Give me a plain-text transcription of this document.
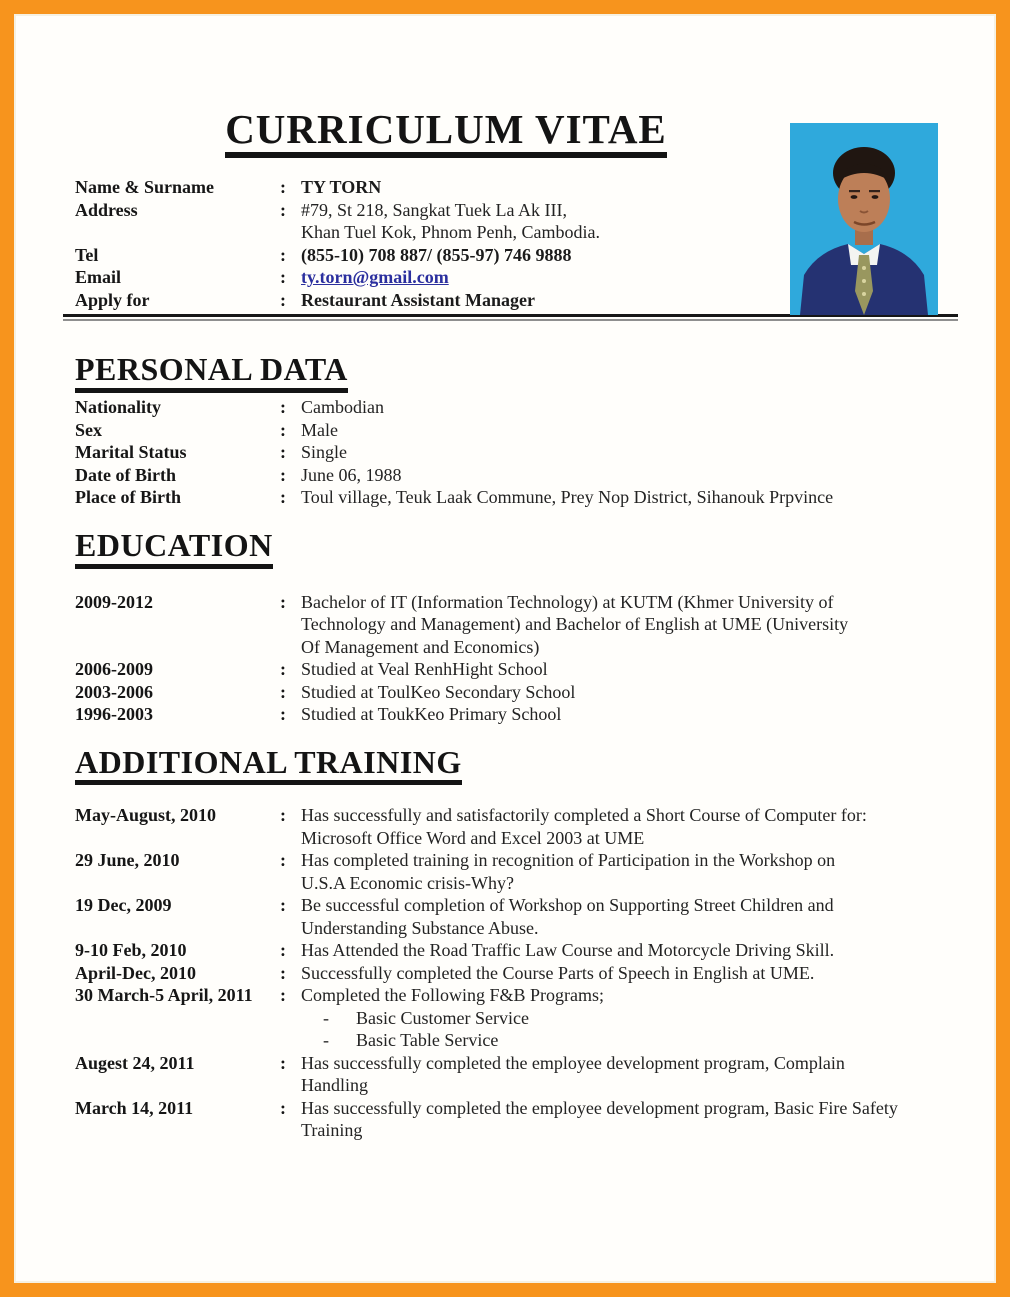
CURRICULUM VITAE
Name & Surname	: TY TORN
Address	: #79, St 218, Sangkat Tuek La Ak III,
Khan Tuel Kok, Phnom Penh, Cambodia.
Tel	: (855-10) 708 887/ (855-97) 746 9888
Email	: ty.torn@gmail.com
Apply for	: Restaurant Assistant Manager
PERSONAL DATA
Nationality	: Cambodian
Sex	: Male
Marital Status	: Single
Date of Birth	: June 06, 1988
Place of Birth	: Toul village, Teuk Laak Commune, Prey Nop District, Sihanouk Prpvince
EDUCATION
2009-2012	: Bachelor of IT (Information Technology) at KUTM (Khmer University of
Technology and Management) and Bachelor of English at UME (University
Of Management and Economics)
2006-2009	: Studied at Veal RenhHight School
2003-2006	: Studied at ToulKeo Secondary School
1996-2003	: Studied at ToukKeo Primary School
ADDITIONAL TRAINING
May-August, 2010	: Has successfully and satisfactorily completed a Short Course of Computer for:
Microsoft Office Word and Excel 2003 at UME
29 June, 2010	: Has completed training in recognition of Participation in the Workshop on
U.S.A Economic crisis-Why?
19 Dec, 2009	: Be successful completion of Workshop on Supporting Street Children and
Understanding Substance Abuse.
9-10 Feb, 2010	: Has Attended the Road Traffic Law Course and Motorcycle Driving Skill.
April-Dec, 2010	: Successfully completed the Course Parts of Speech in English at UME.
30 March-5 April, 2011	: Completed the Following F&B Programs;
- Basic Customer Service
- Basic Table Service
Augest 24, 2011	: Has successfully completed the employee development program, Complain
Handling
March 14, 2011	: Has successfully completed the employee development program, Basic Fire Safety
Training
